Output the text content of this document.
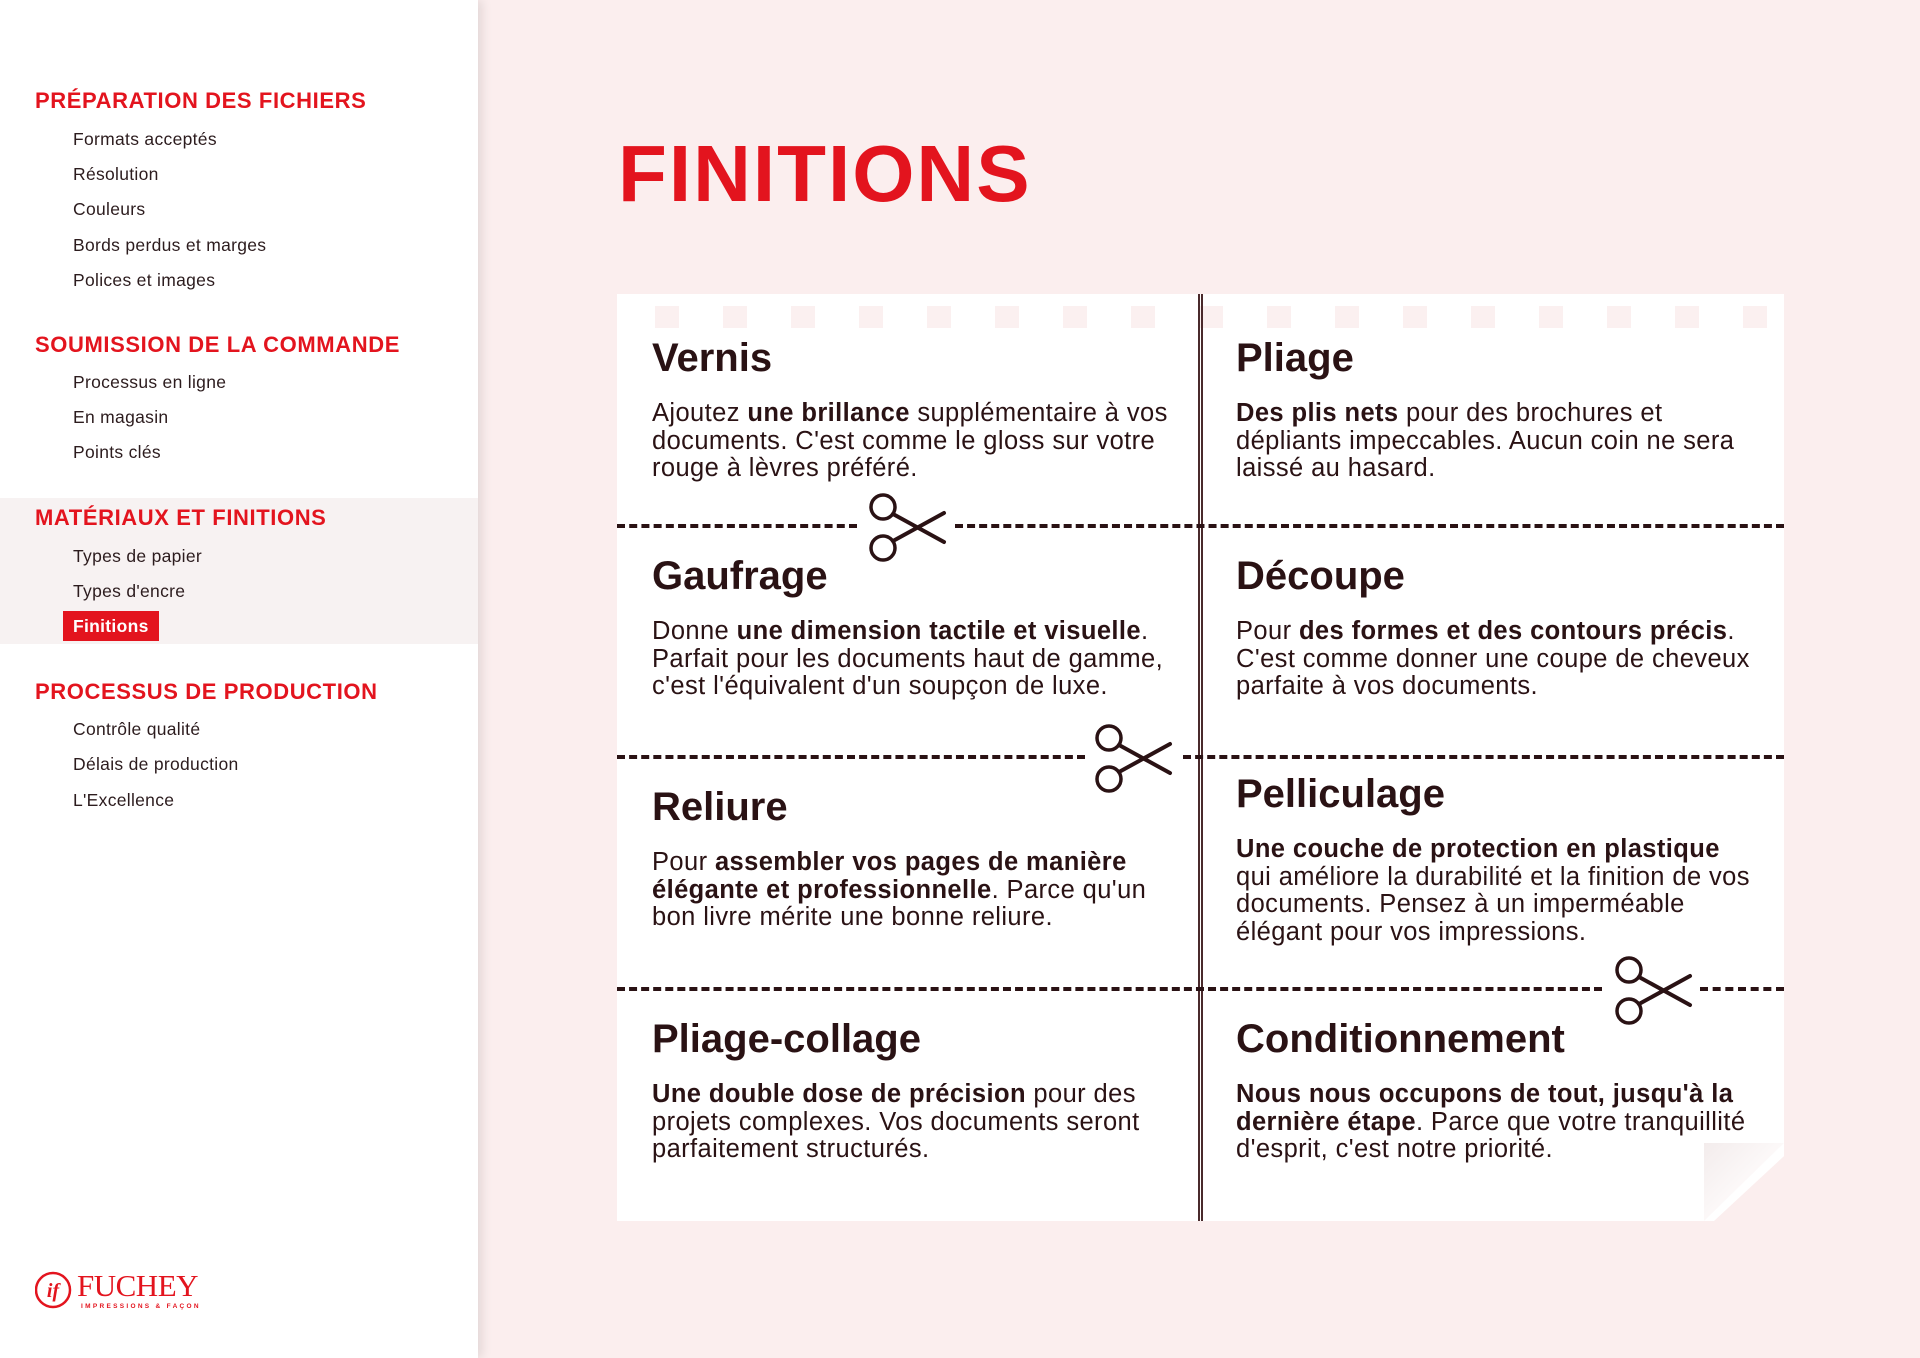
PRÉPARATION DES FICHIERS
Formats acceptés
Résolution
Couleurs
Bords perdus et marges
Polices et images
SOUMISSION DE LA COMMANDE
Processus en ligne
En magasin
Points clés
MATÉRIAUX ET FINITIONS
Types de papier
Types d'encre
Finitions
PROCESSUS DE PRODUCTION
Contrôle qualité
Délais de production
L'Excellence
if FUCHEY
IMPRESSIONS & FAÇON
FINITIONS
Vernis

Ajoutez une brillance supplémentaire à vos documents. C'est comme le gloss sur votre rouge à lèvres préféré.

Pliage

Des plis nets pour des brochures et dépliants impeccables. Aucun coin ne sera laissé au hasard.

Gaufrage

Donne une dimension tactile et visuelle. Parfait pour les documents haut de gamme, c'est l'équivalent d'un soupçon de luxe.

Découpe

Pour des formes et des contours précis. C'est comme donner une coupe de cheveux parfaite à vos documents.

Reliure

Pour assembler vos pages de manière élégante et professionnelle. Parce qu'un bon livre mérite une bonne reliure.

Pelliculage

Une couche de protection en plastique qui améliore la durabilité et la finition de vos documents. Pensez à un imperméable élégant pour vos impressions.

Pliage-collage

Une double dose de précision pour des projets complexes. Vos documents seront parfaitement structurés.

Conditionnement

Nous nous occupons de tout, jusqu'à la dernière étape. Parce que votre tranquillité d'esprit, c'est notre priorité.
